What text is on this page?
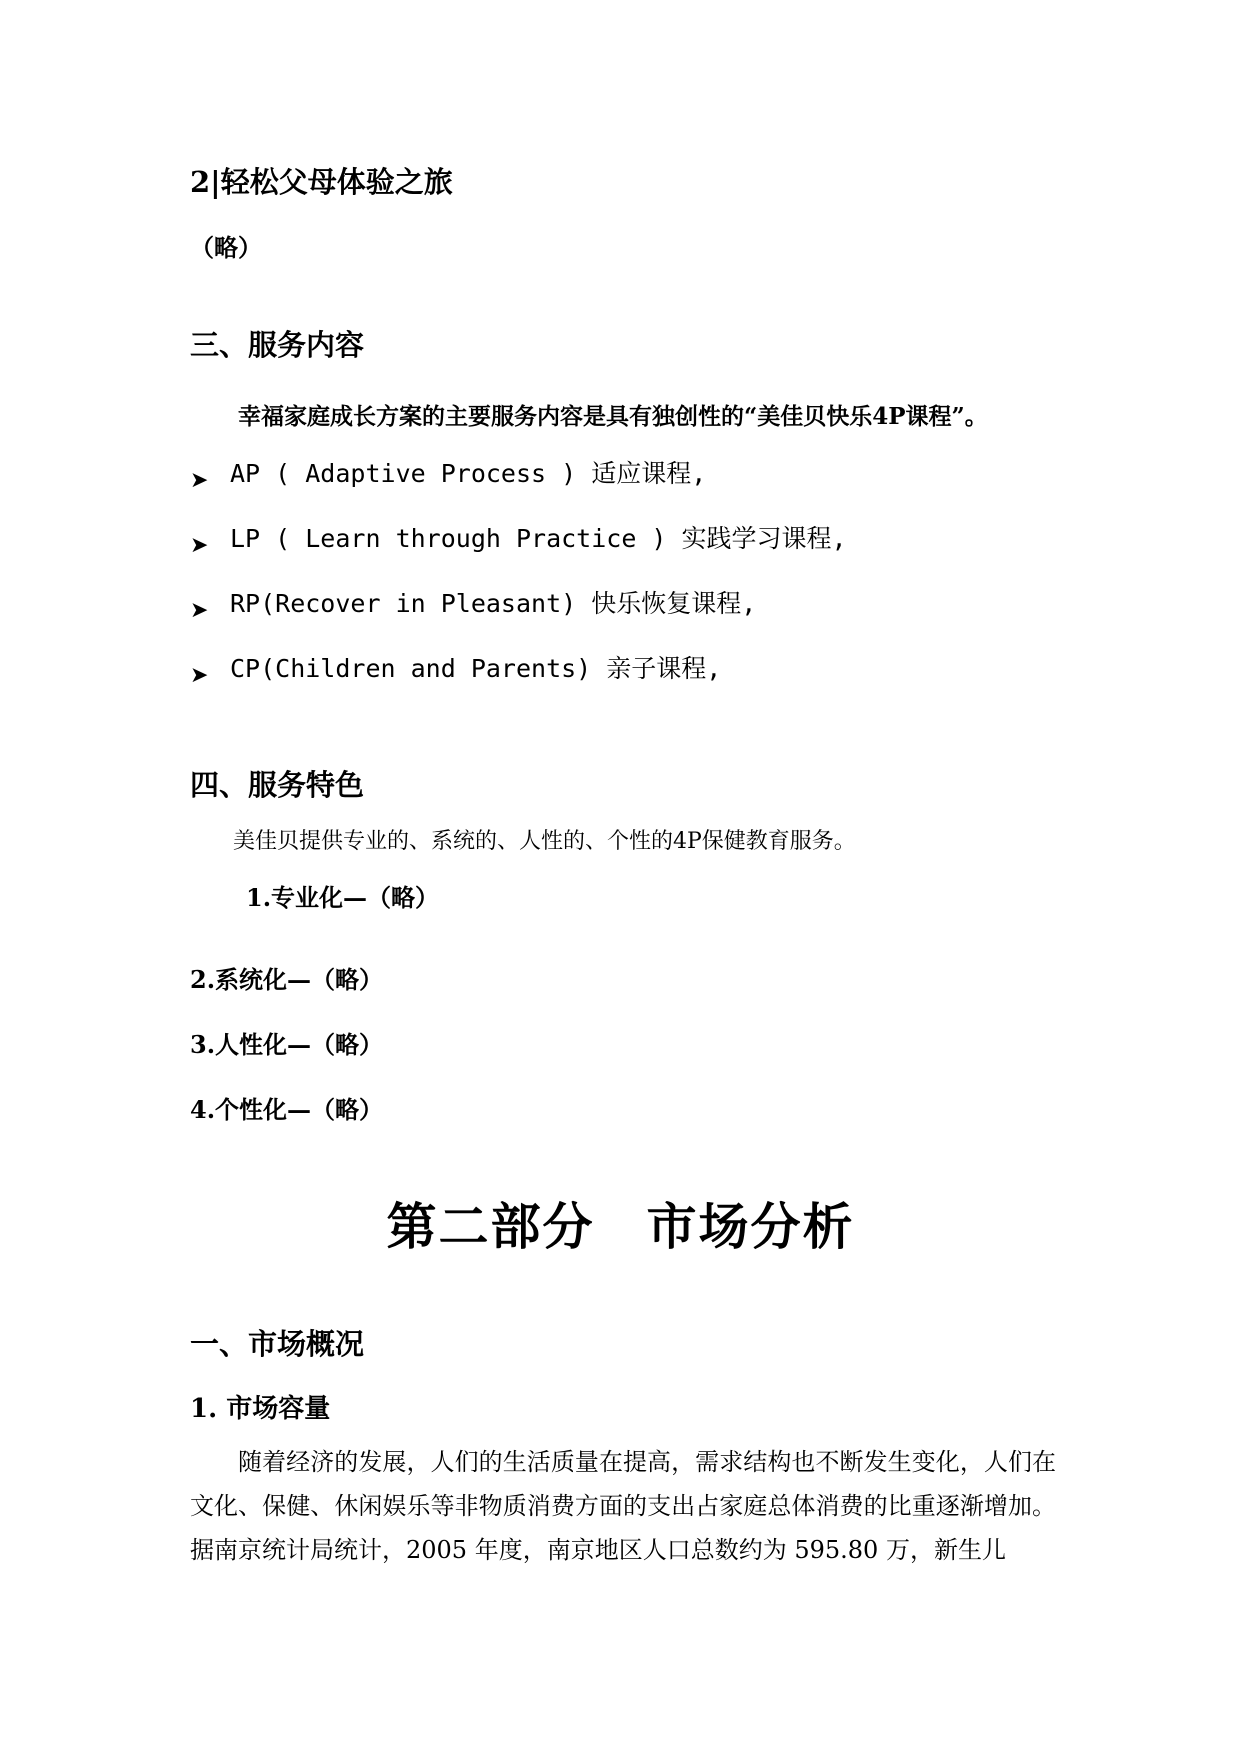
2|轻松父母体验之旅
（略）
三、服务内容
幸福家庭成长方案的主要服务内容是具有独创性的“美佳贝快乐4P课程”。
➤ AP ( Adaptive Process ) 适应课程,
➤ LP ( Learn through Practice ) 实践学习课程,
➤ RP(Recover in Pleasant) 快乐恢复课程,
➤ CP(Children and Parents) 亲子课程,
四、服务特色
美佳贝提供专业的、系统的、人性的、个性的4P保健教育服务。
1.专业化—（略）
2.系统化—（略）
3.人性化—（略）
4.个性化—（略）
第二部分　市场分析
一、市场概况
1. 市场容量
随着经济的发展，人们的生活质量在提高，需求结构也不断发生变化，人们在文化、保健、休闲娱乐等非物质消费方面的支出占家庭总体消费的比重逐渐增加。据南京统计局统计，2005 年度，南京地区人口总数约为 595.80 万，新生儿
